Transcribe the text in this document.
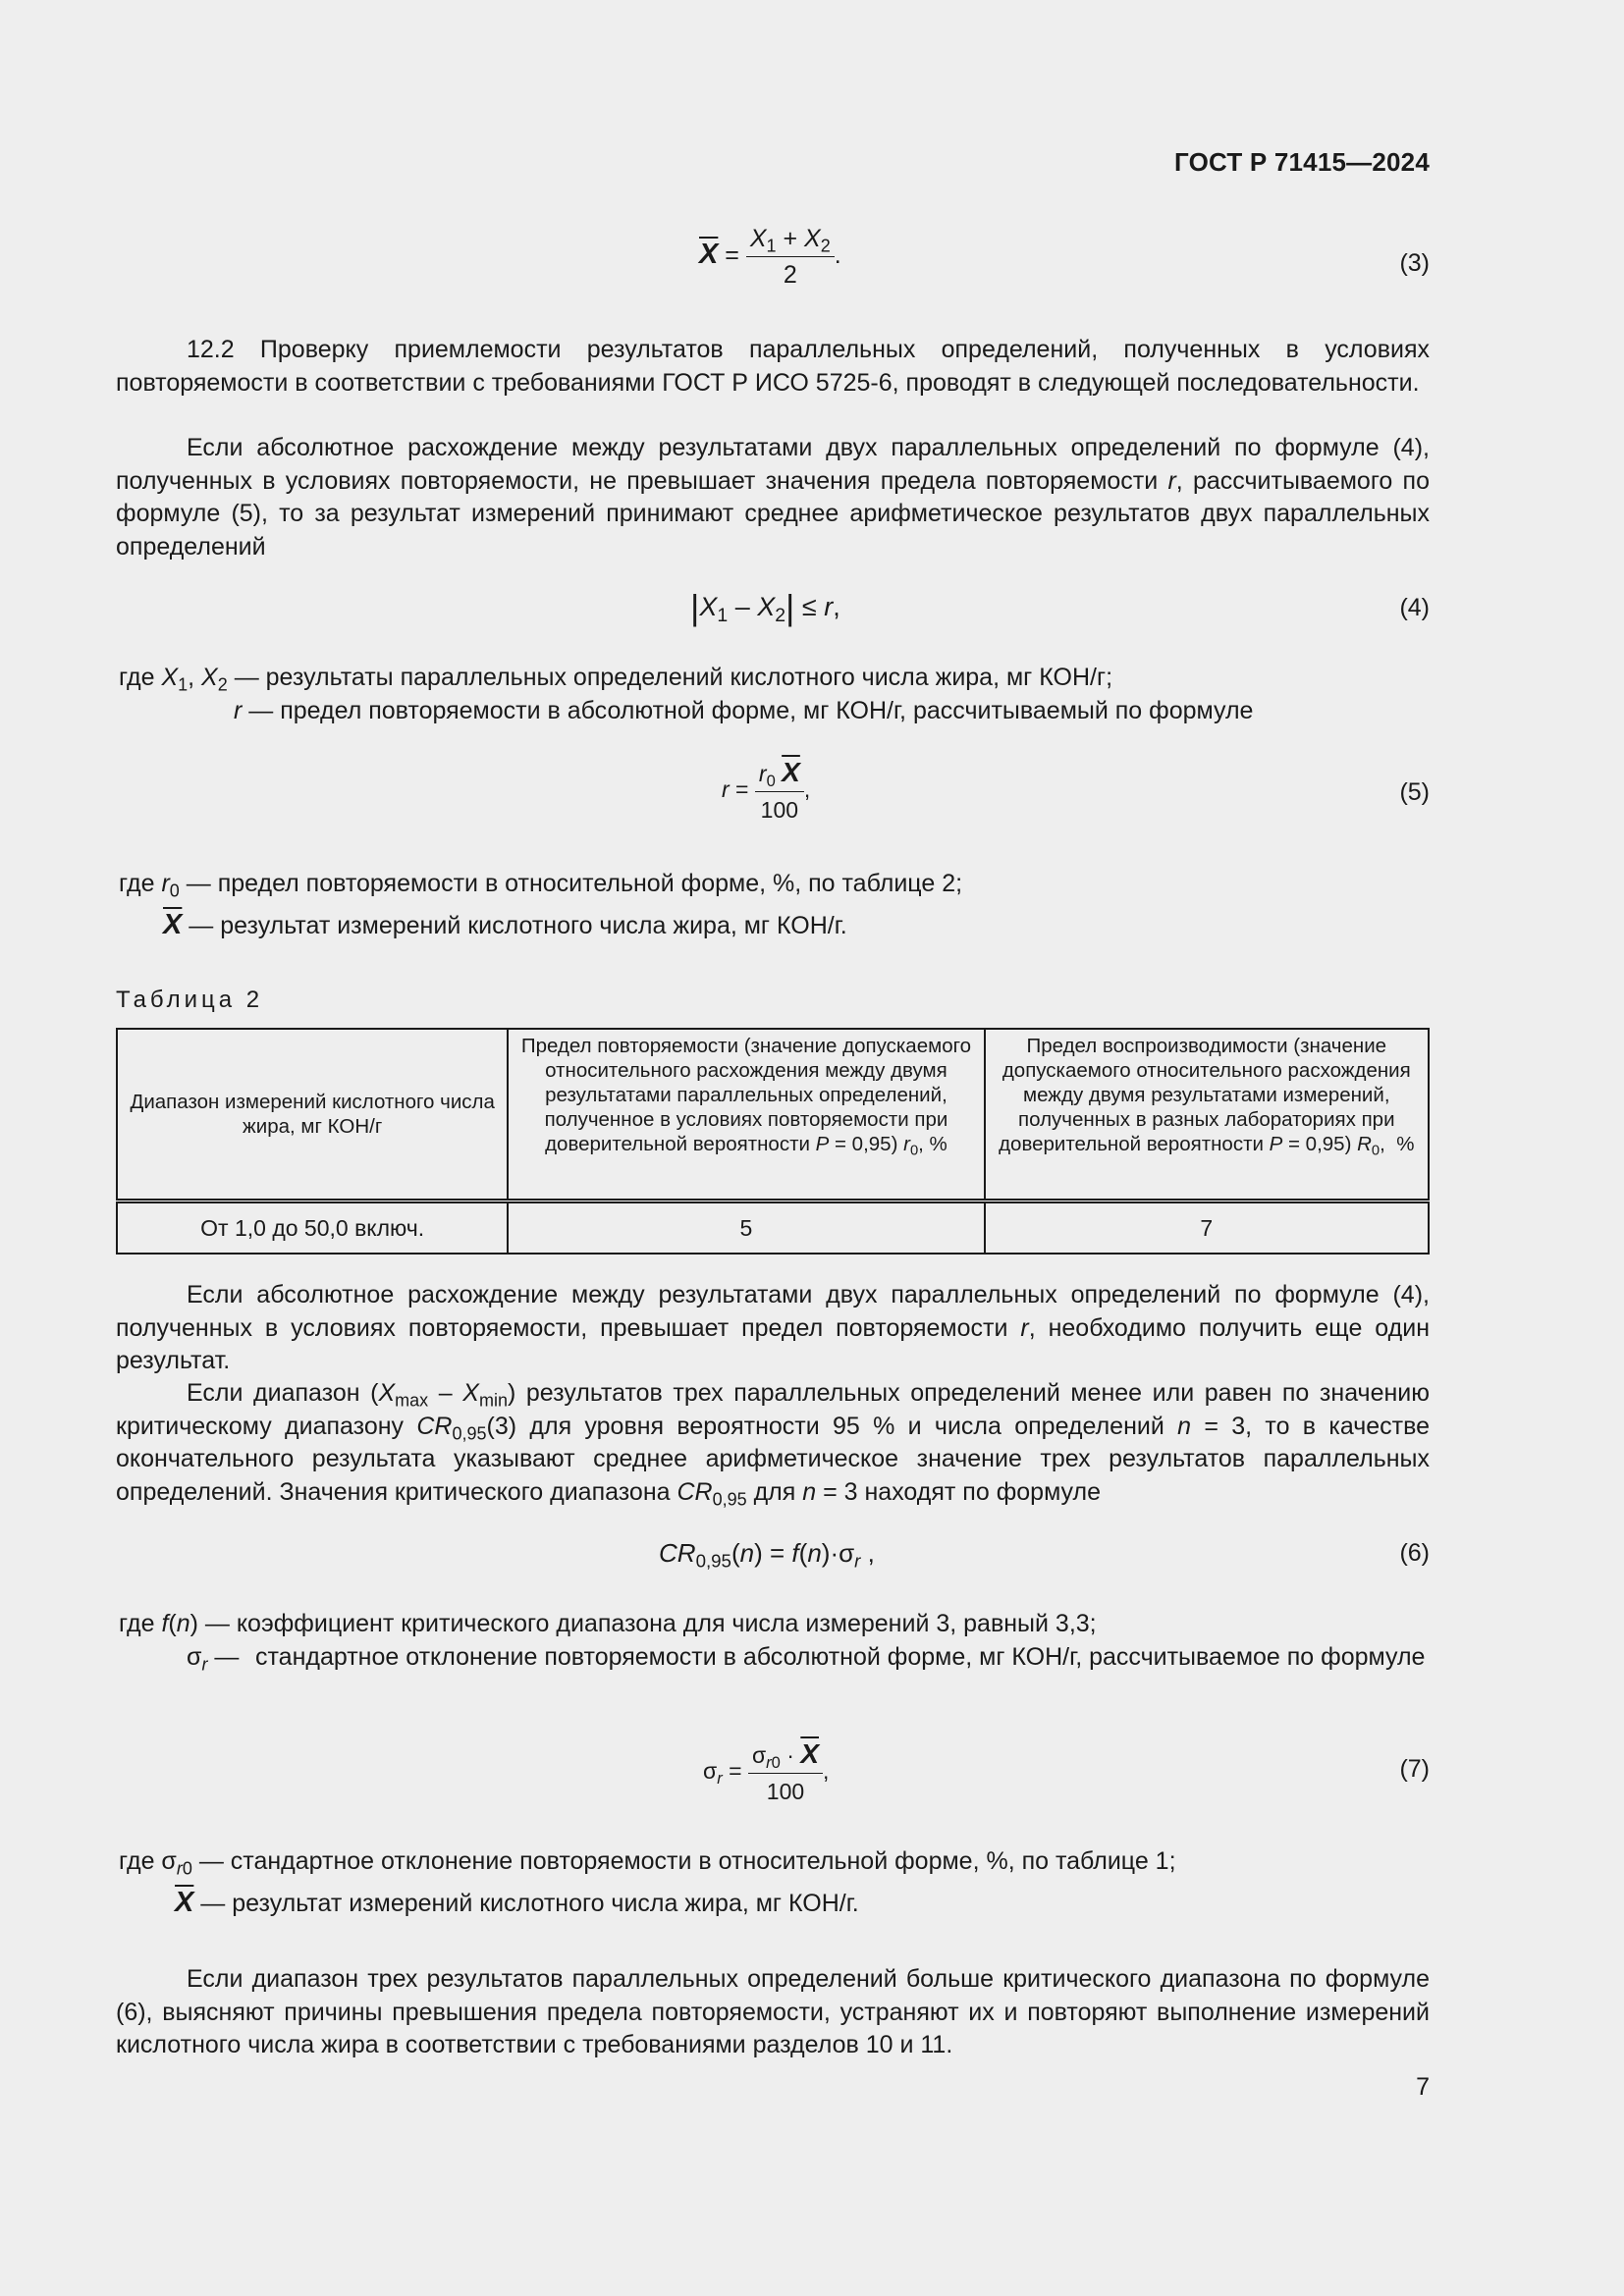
ГОСТ Р 71415—2024
$\overline{X} = \frac{X_1 + X_2}{2}$ .	(3)

12.2 Проверку приемлемости результатов параллельных определений, полученных в условиях повторяемости в соответствии с требованиями ГОСТ Р ИСО 5725-6, проводят в следующей последовательности.

Если абсолютное расхождение между результатами двух параллельных определений по формуле (4), полученных в условиях повторяемости, не превышает значения предела повторяемости r, рассчитываемого по формуле (5), то за результат измерений принимают среднее арифметическое результатов двух параллельных определений

$|X_1 - X_2| \le r$,	(4)
где $X_1$, $X_2$ — результаты параллельных определений кислотного числа жира, мг КОН/г;
r — предел повторяемости в абсолютной форме, мг КОН/г, рассчитываемый по формуле
$r = \frac{r_0 \overline{X}}{100}$ ,	(5)
где $r_0$ — предел повторяемости в относительной форме, %, по таблице 2;
$\overline{X}$ — результат измерений кислотного числа жира, мг КОН/г.
Таблица 2
Диапазон измерений кислотного числа жира, мг КОН/г	Предел повторяемости (значение допускаемого относительного расхождения между двумя результатами параллельных определений, полученное в условиях повторяемости при доверительной вероятности P = 0,95) $r_0$, %	Предел воспроизводимости (значение допускаемого относительного расхождения между двумя результатами измерений, полученных в разных лабораториях при доверительной вероятности P = 0,95) $R_0$,  %
От 1,0 до 50,0 включ.	5	7

Если абсолютное расхождение между результатами двух параллельных определений по формуле (4), полученных в условиях повторяемости, превышает предел повторяемости r, необходимо получить еще один результат.

Если диапазон $(X_{max} - X_{min})$ результатов трех параллельных определений менее или равен по значению критическому диапазону $CR_{0,95}(3)$ для уровня вероятности 95 % и числа определений n = 3, то в качестве окончательного результата указывают среднее арифметическое значение трех результатов параллельных определений. Значения критического диапазона $CR_{0,95}$ для n = 3 находят по формуле

$CR_{0,95}(n) = f(n)\cdot\sigma_r$ ,	(6)
где f(n) — коэффициент критического диапазона для числа измерений 3, равный 3,3;
$\sigma_r$ — стандартное отклонение повторяемости в абсолютной форме, мг КОН/г, рассчитываемое по формуле
$\sigma_r = \frac{\sigma_{r0} \cdot \overline{X}}{100}$ ,	(7)
где $\sigma_{r0}$ — стандартное отклонение повторяемости в относительной форме, %, по таблице 1;
$\overline{X}$ — результат измерений кислотного числа жира, мг КОН/г.

Если диапазон трех результатов параллельных определений больше критического диапазона по формуле (6), выясняют причины превышения предела повторяемости, устраняют их и повторяют выполнение измерений кислотного числа жира в соответствии с требованиями разделов 10 и 11.

7
